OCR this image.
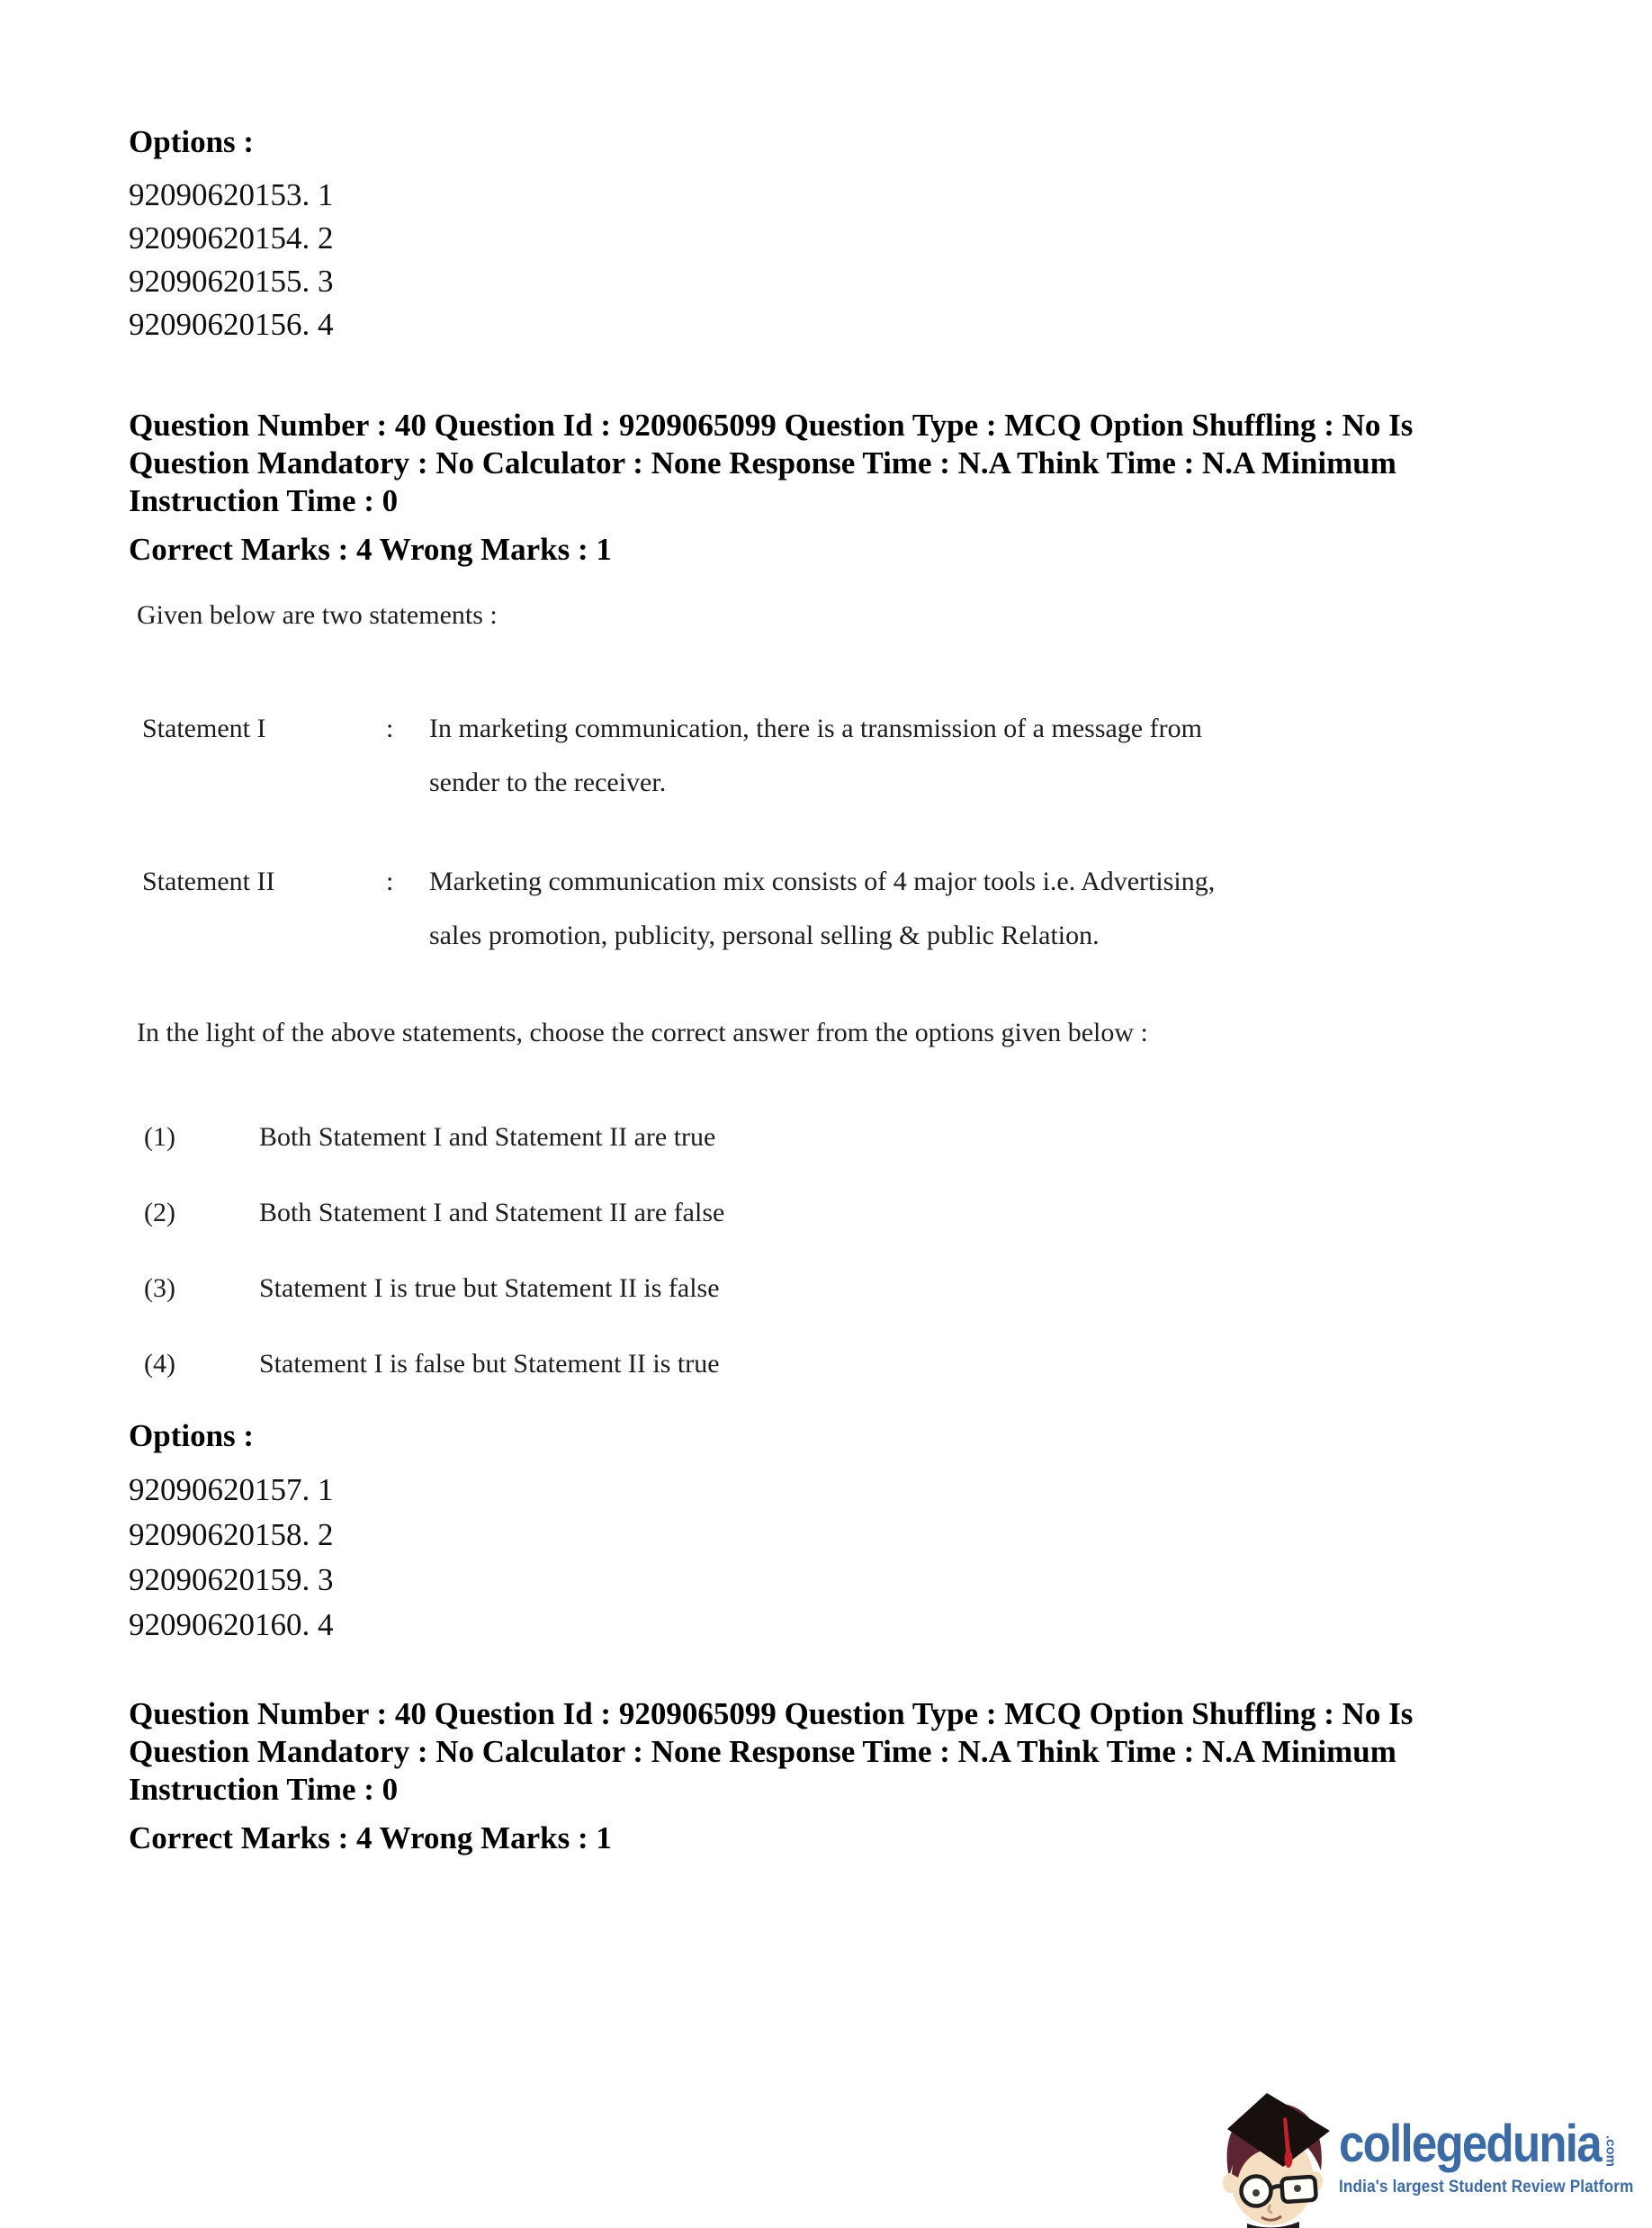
Options :
92090620153. 1
92090620154. 2
92090620155. 3
92090620156. 4
Question Number : 40 Question Id : 9209065099 Question Type : MCQ Option Shuffling : No Is
Question Mandatory : No Calculator : None Response Time : N.A Think Time : N.A Minimum
Instruction Time : 0
Correct Marks : 4 Wrong Marks : 1
Given below are two statements :
Statement I	:	In marketing communication, there is a transmission of a message from
sender to the receiver.
Statement II	:	Marketing communication mix consists of 4 major tools i.e. Advertising,
sales promotion, publicity, personal selling & public Relation.
In the light of the above statements, choose the correct answer from the options given below :
(1)	Both Statement I and Statement II are true
(2)	Both Statement I and Statement II are false
(3)	Statement I is true but Statement II is false
(4)	Statement I is false but Statement II is true
Options :
92090620157. 1
92090620158. 2
92090620159. 3
92090620160. 4
Question Number : 40 Question Id : 9209065099 Question Type : MCQ Option Shuffling : No Is
Question Mandatory : No Calculator : None Response Time : N.A Think Time : N.A Minimum
Instruction Time : 0
Correct Marks : 4 Wrong Marks : 1
collegedunia .com
India's largest Student Review Platform
